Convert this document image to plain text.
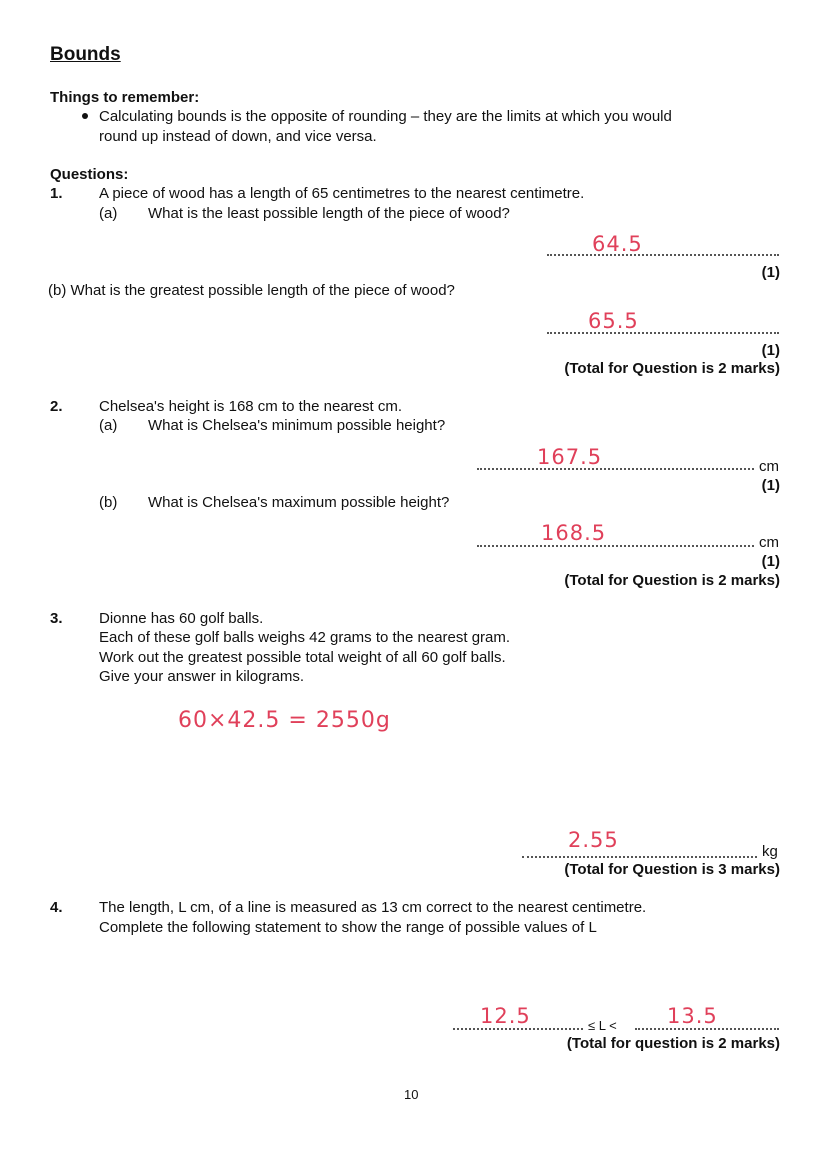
Bounds
Things to remember:
Calculating bounds is the opposite of rounding – they are the limits at which you would
round up instead of down, and vice versa.
Questions:
1. A piece of wood has a length of 65 centimetres to the nearest centimetre.
(a) What is the least possible length of the piece of wood?
64.5
(1)
(b) What is the greatest possible length of the piece of wood?
65.5
(1)
(Total for Question is 2 marks)
2. Chelsea's height is 168 cm to the nearest cm.
(a) What is Chelsea's minimum possible height?
167.5	cm
(1)
(b) What is Chelsea's maximum possible height?
168.5	cm
(1)
(Total for Question is 2 marks)
3. Dionne has 60 golf balls.
Each of these golf balls weighs 42 grams to the nearest gram.
Work out the greatest possible total weight of all 60 golf balls.
Give your answer in kilograms.
60×42.5 = 2550g
2.55	kg
(Total for Question is 3 marks)
4. The length, L cm, of a line is measured as 13 cm correct to the nearest centimetre.
Complete the following statement to show the range of possible values of L
12.5	≤ L < 13.5
(Total for question is 2 marks)
10
